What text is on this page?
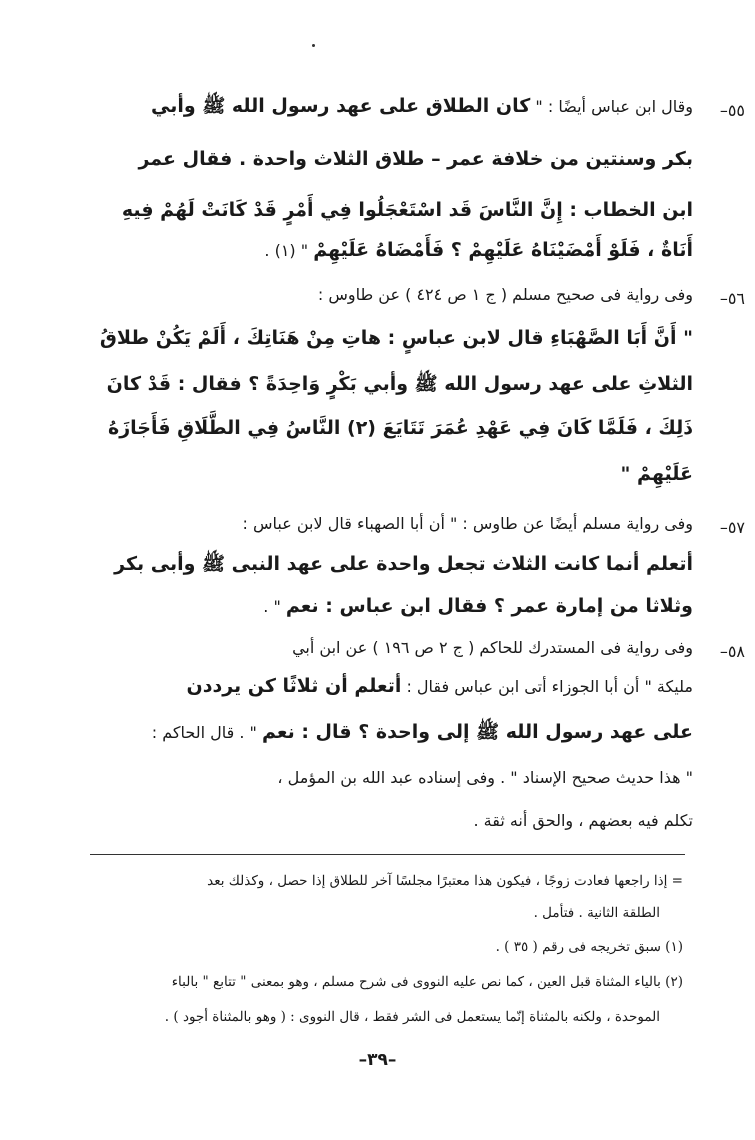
٥٥–
وقال ابن عباس أيضًا : " كان الطلاق على عهد رسول الله ﷺ وأبي
بكر وسنتين من خلافة عمر – طلاق الثلاث واحدة . فقال عمر
ابن الخطاب : إِنَّ النَّاسَ قَد اسْتَعْجَلُوا فِي أَمْرٍ قَدْ كَانَتْ لَهُمْ فِيهِ
أَنَاةٌ ، فَلَوْ أَمْضَيْنَاهُ عَلَيْهِمْ ؟ فَأَمْضَاهُ عَلَيْهِمْ " (١) .
٥٦–
وفى رواية فى صحيح مسلم ( ج ١ ص ٤٢٤ ) عن طاوس :
" أَنَّ أَبَا الصَّهْبَاءِ قال لابن عباسٍ : هاتِ مِنْ هَنَاتِكَ ، أَلَمْ يَكُنْ طلاقُ
الثلاثِ على عهد رسول الله ﷺ وأبي بَكْرٍ وَاحِدَةً ؟ فقال : قَدْ كانَ
ذَلِكَ ، فَلَمَّا كَانَ فِي عَهْدِ عُمَرَ تَتَايَعَ (٢) النَّاسُ فِي الطَّلَاقِ فَأَجَازَهُ
عَلَيْهِمْ "
٥٧–
وفى رواية مسلم أيضًا عن طاوس : " أن أبا الصهباء قال لابن عباس :
أتعلم أنما كانت الثلاث تجعل واحدة على عهد النبى ﷺ وأبى بكر
وثلاثا من إمارة عمر ؟ فقال ابن عباس : نعم " .
٥٨–
وفى رواية فى المستدرك للحاكم ( ج ٢ ص ١٩٦ ) عن ابن أبي
مليكة " أن أبا الجوزاء أتى ابن عباس فقال : أتعلم أن ثلاثًا كن يرددن
على عهد رسول الله ﷺ إلى واحدة ؟ قال : نعم " . قال الحاكم :
" هذا حديث صحيح الإسناد " . وفى إسناده عبد الله بن المؤمل ،
تكلم فيه بعضهم ، والحق أنه ثقة .
= إذا راجعها فعادت زوجًا ، فيكون هذا معتبرًا مجلسًا آخر للطلاق إذا حصل ، وكذلك بعد
الطلقة الثانية . فتأمل .
(١) سبق تخريجه فى رقم ( ٣٥ ) .
(٢) بالياء المثناة قبل العين ، كما نص عليه النووى فى شرح مسلم ، وهو بمعنى " تتابع " بالباء
الموحدة ، ولكنه بالمثناة إنّما يستعمل فى الشر فقط ، قال النووى : ( وهو بالمثناة أجود ) .
–٣٩–
